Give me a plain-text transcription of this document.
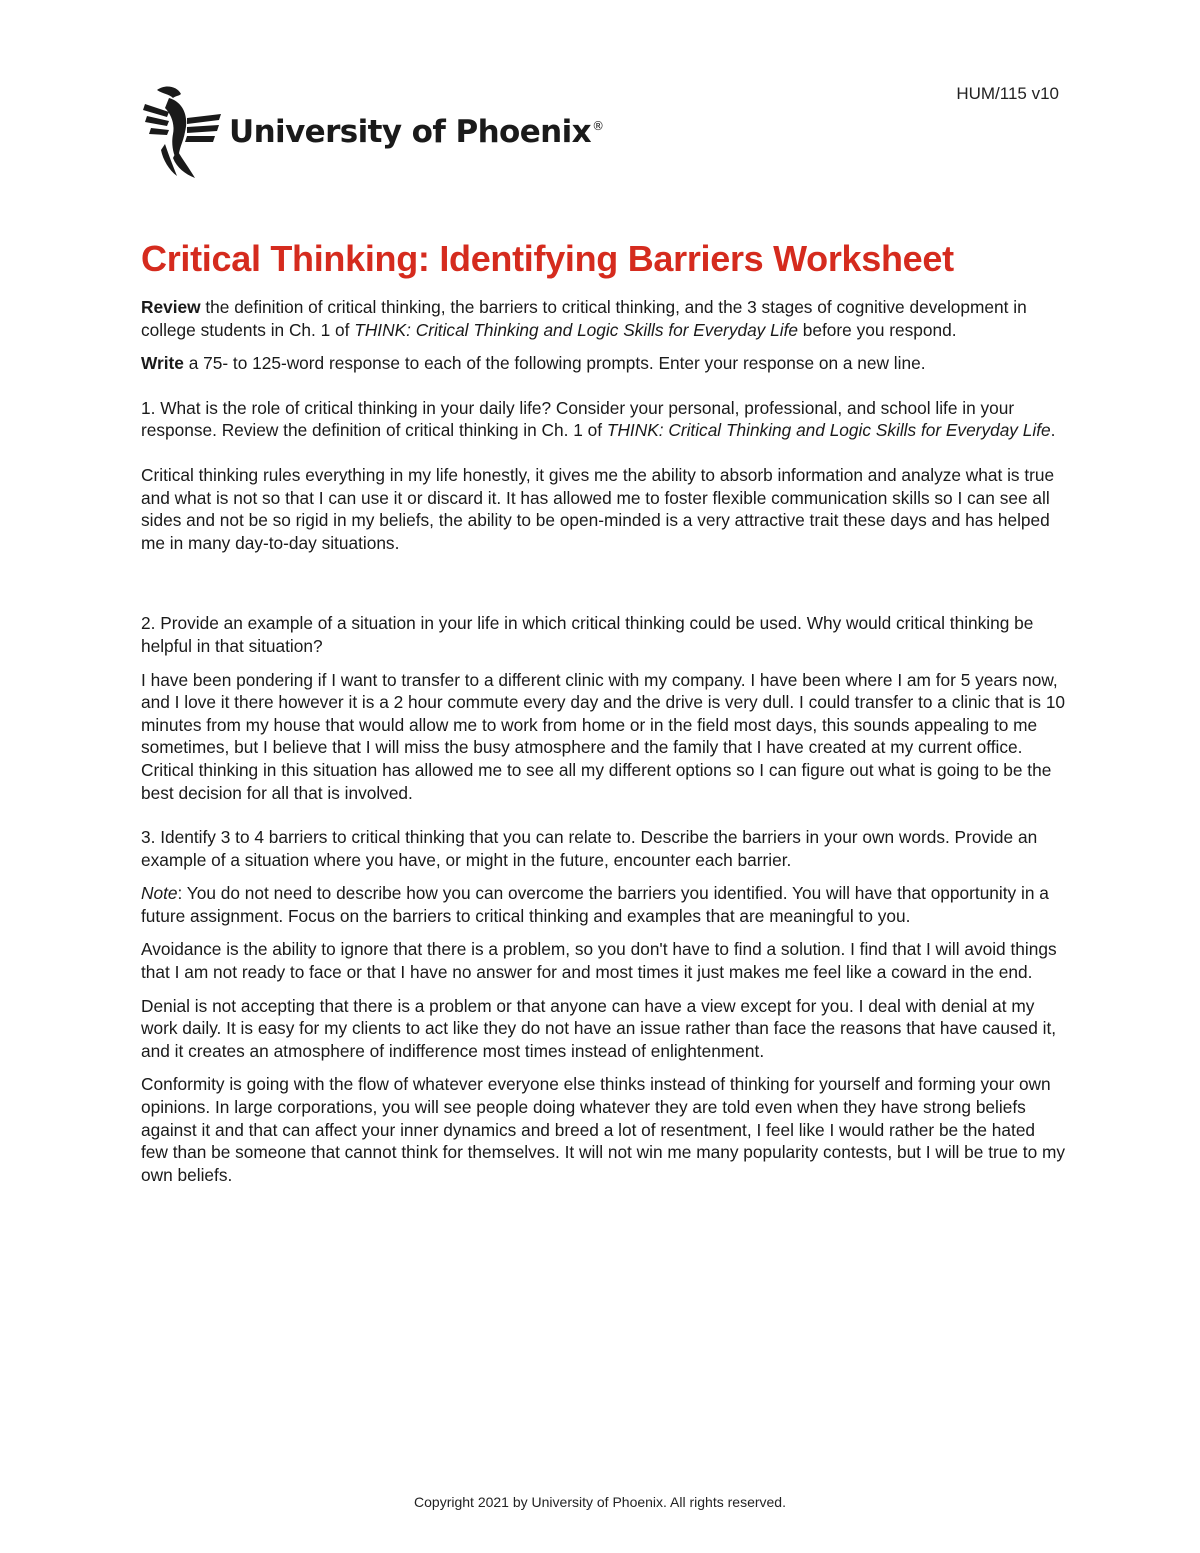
HUM/115 v10
University of Phoenix®
Critical Thinking: Identifying Barriers Worksheet

Review the definition of critical thinking, the barriers to critical thinking, and the 3 stages of cognitive development in college students in Ch. 1 of THINK: Critical Thinking and Logic Skills for Everyday Life before you respond.

Write a 75- to 125-word response to each of the following prompts. Enter your response on a new line.

1. What is the role of critical thinking in your daily life? Consider your personal, professional, and school life in your response. Review the definition of critical thinking in Ch. 1 of THINK: Critical Thinking and Logic Skills for Everyday Life.

Critical thinking rules everything in my life honestly, it gives me the ability to absorb information and analyze what is true and what is not so that I can use it or discard it. It has allowed me to foster flexible communication skills so I can see all sides and not be so rigid in my beliefs, the ability to be open-minded is a very attractive trait these days and has helped me in many day-to-day situations.

2. Provide an example of a situation in your life in which critical thinking could be used. Why would critical thinking be helpful in that situation?

I have been pondering if I want to transfer to a different clinic with my company. I have been where I am for 5 years now, and I love it there however it is a 2 hour commute every day and the drive is very dull. I could transfer to a clinic that is 10 minutes from my house that would allow me to work from home or in the field most days, this sounds appealing to me sometimes, but I believe that I will miss the busy atmosphere and the family that I have created at my current office. Critical thinking in this situation has allowed me to see all my different options so I can figure out what is going to be the best decision for all that is involved.

3. Identify 3 to 4 barriers to critical thinking that you can relate to. Describe the barriers in your own words. Provide an example of a situation where you have, or might in the future, encounter each barrier.

Note: You do not need to describe how you can overcome the barriers you identified. You will have that opportunity in a future assignment. Focus on the barriers to critical thinking and examples that are meaningful to you.

Avoidance is the ability to ignore that there is a problem, so you don't have to find a solution. I find that I will avoid things that I am not ready to face or that I have no answer for and most times it just makes me feel like a coward in the end.

Denial is not accepting that there is a problem or that anyone can have a view except for you. I deal with denial at my work daily. It is easy for my clients to act like they do not have an issue rather than face the reasons that have caused it, and it creates an atmosphere of indifference most times instead of enlightenment.

Conformity is going with the flow of whatever everyone else thinks instead of thinking for yourself and forming your own opinions. In large corporations, you will see people doing whatever they are told even when they have strong beliefs against it and that can affect your inner dynamics and breed a lot of resentment, I feel like I would rather be the hated few than be someone that cannot think for themselves. It will not win me many popularity contests, but I will be true to my own beliefs.

Copyright 2021 by University of Phoenix. All rights reserved.
